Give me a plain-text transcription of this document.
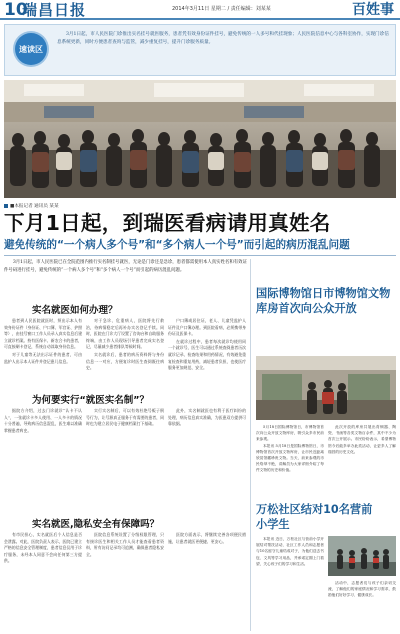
10
瑞昌日报	2014年3月11日 星期二 / 责任编辑：刘某某	百姓事
速读区
3月1日起，市人民医院门诊推出实名挂号就医服务，患者凭有效身份证件挂号，避免传统的一人多号和代挂现象；人民医院信息中心与各科室协作，实现门诊信息系统更新，同时方便患者查询与监管，减少重复挂号，提升门诊服务质量。
■本报记者 通讯员 某某
下月1日起，到瑞医看病请用真姓名
避免传统的“一个病人多个号”和“多个病人一个号”而引起的病历混乱问题
3月1日起，市人民医院已在全院范围内推行实名制挂号就医，无论是门诊还是急诊，患者都需使用本人真实姓名和有效证件号码进行挂号，避免传统的“一个病人多个号”和“多个病人一个号”而引起的病历混乱问题。
实名就医如何办理？

患者到人民医院就医时，须出示本人有效身份证件（身份证、户口簿、军官证、护照等），由挂号窗口工作人员录入真实信息后建立就诊档案。持有医保卡、新农合卡的患者，可直接刷卡登记，系统自动读取身份信息。

对于儿童等无法出示证件的患者，可由监护人出示本人证件并登记患儿信息。

对于急诊、危重病人，医院将先行救治，待病情稳定后再补办实名登记手续。同时，医院在门诊大厅设置了咨询台和自助服务终端，由工作人员现场引导患者完成实名登记，尽量减少患者排队等候时间。

实名就诊后，患者的病历资料将与身份信息一一对应，方便复诊时医生查阅既往病史。

户口簿或居住证，老人、儿童凭监护人证件及户口簿办理。到医院看病，必须携带身份证及医保卡。

在就诊过程中，患者每次就诊均使用同一个就诊号，医生可以通过系统查阅患者历次就诊记录、检查结果和用药情况，有效避免重复检查和重复用药，减轻患者负担，也使医疗服务更加规范、安全。

为何要实行“就医实名制”？

据院方介绍，过去门诊就诊“认卡不认人”，一张就诊卡多人使用、一人多卡的情况十分普遍，导致病历信息混乱，医生难以准确掌握患者病史。

实行实名制后，可以有效杜绝号贩子倒号行为，让号源真正服务于有需要的患者，同时也为建立居民电子健康档案打下基础。

此外，实名制就医也有利于医疗纠纷的处理，病历信息真实准确，为医患双方提供可靠依据。

实名就医,隐私安全有保障吗？

有市民担心，实名就医后个人信息是否会泄露。对此，医院负责人表示，医院已建立严格的信息安全管理制度，患者信息仅用于诊疗服务，未经本人同意不会向任何第三方提供。

医院信息系统设置了分级权限管理，只有接诊医生和相关工作人员才能查看患者资料，所有访问记录均可追溯，确保患者隐私安全。

医院方面表示，将继续完善各项便民措施，让患者就医更便捷、更安心。

国际博物馆日市博物馆文物库房首次向公众开放

5月18日国际博物馆日，市博物馆首次向公众开放文物库房，吸引众多市民前来参观。

本报讯 5月18日是国际博物馆日，市博物馆首次开放文物库房，让市民近距离欣赏馆藏珍贵文物。当天，前来参观的市民络绎不绝，讲解员为大家详细介绍了每件文物的历史和价值。

此次开放的库房共展出青铜器、陶瓷、书画等各类文物百余件，其中不少为首次公开展示。市民纷纷表示，希望博物馆今后能多举办此类活动，让更多人了解瑞昌的历史文化。

万松社区结对10名营前小学生

本报讯 近日，万松社区与营前小学开展结对帮扶活动，社区工作人员和志愿者与10名留守儿童结成对子，为他们送去书包、文具等学习用品，并承诺定期上门看望，关心孩子们的学习和生活。

活动中，志愿者们与孩子们亲切交流，了解他们的家庭情况和学习需求，鼓励他们好好学习、健康成长。
